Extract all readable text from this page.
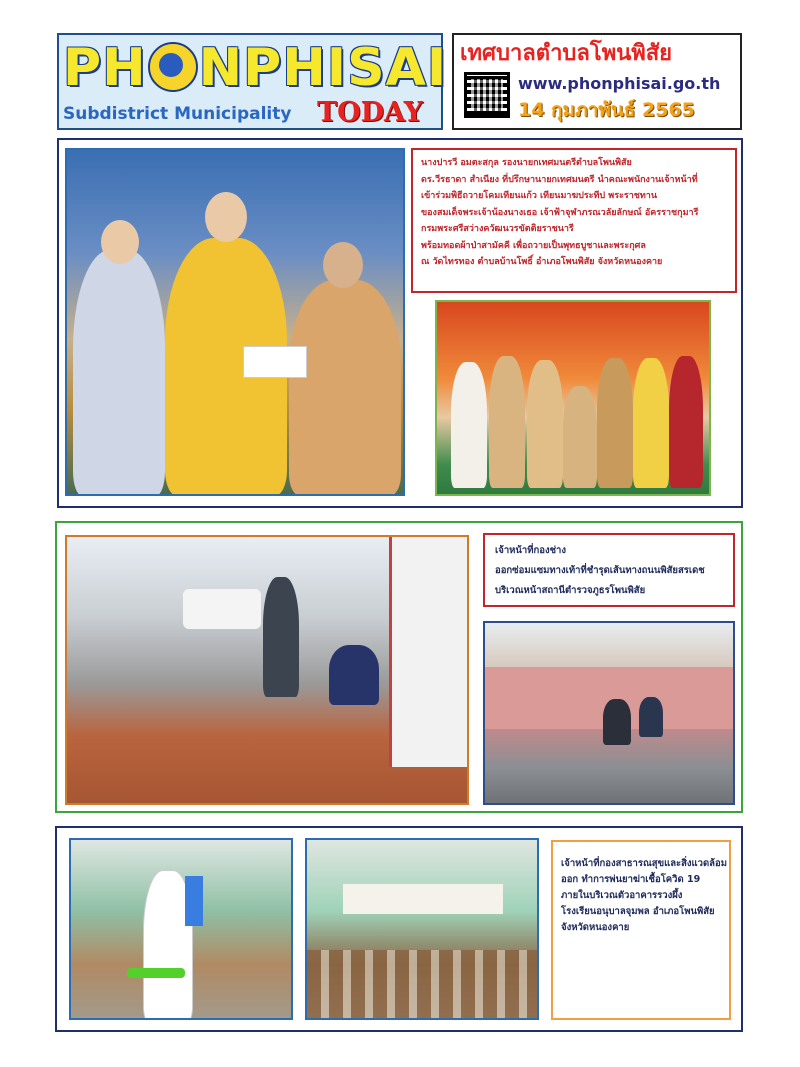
PH NPHISAI
Subdistrict Municipality TODAY
เทศบาลตำบลโพนพิสัย
www.phonphisai.go.th
14 กุมภาพันธ์ 2565
นางปารวี อมตะสกุล รองนายกเทศมนตรีตำบลโพนพิสัย
ดร.วีรธาดา สำเนียง ที่ปรึกษานายกเทศมนตรี นำคณะพนักงานเจ้าหน้าที่
เข้าร่วมพิธีถวายโคมเทียนแก้ว เทียนมาฆประทีป พระราชทาน
ของสมเด็จพระเจ้าน้องนางเธอ เจ้าฟ้าจุฬาภรณวลัยลักษณ์ อัครราชกุมารี
กรมพระศรีสว่างควัฒนวรขัตติยราชนารี
พร้อมทอดผ้าป่าสามัคคี เพื่อถวายเป็นพุทธบูชาและพระกุศล
ณ วัดไทรทอง ตำบลบ้านโพธิ์ อำเภอโพนพิสัย จังหวัดหนองคาย
เจ้าหน้าที่กองช่าง
ออกซ่อมแซมทางเท้าที่ชำรุดเส้นทางถนนพิสัยสรเดช
บริเวณหน้าสถานีตำรวจภูธรโพนพิสัย
เจ้าหน้าที่กองสาธารณสุขและสิ่งแวดล้อม
ออก ทำการพ่นยาฆ่าเชื้อโควิด 19
ภายในบริเวณตัวอาคารรวงผึ้ง
โรงเรียนอนุบาลจุมพล อำเภอโพนพิสัย
จังหวัดหนองคาย
